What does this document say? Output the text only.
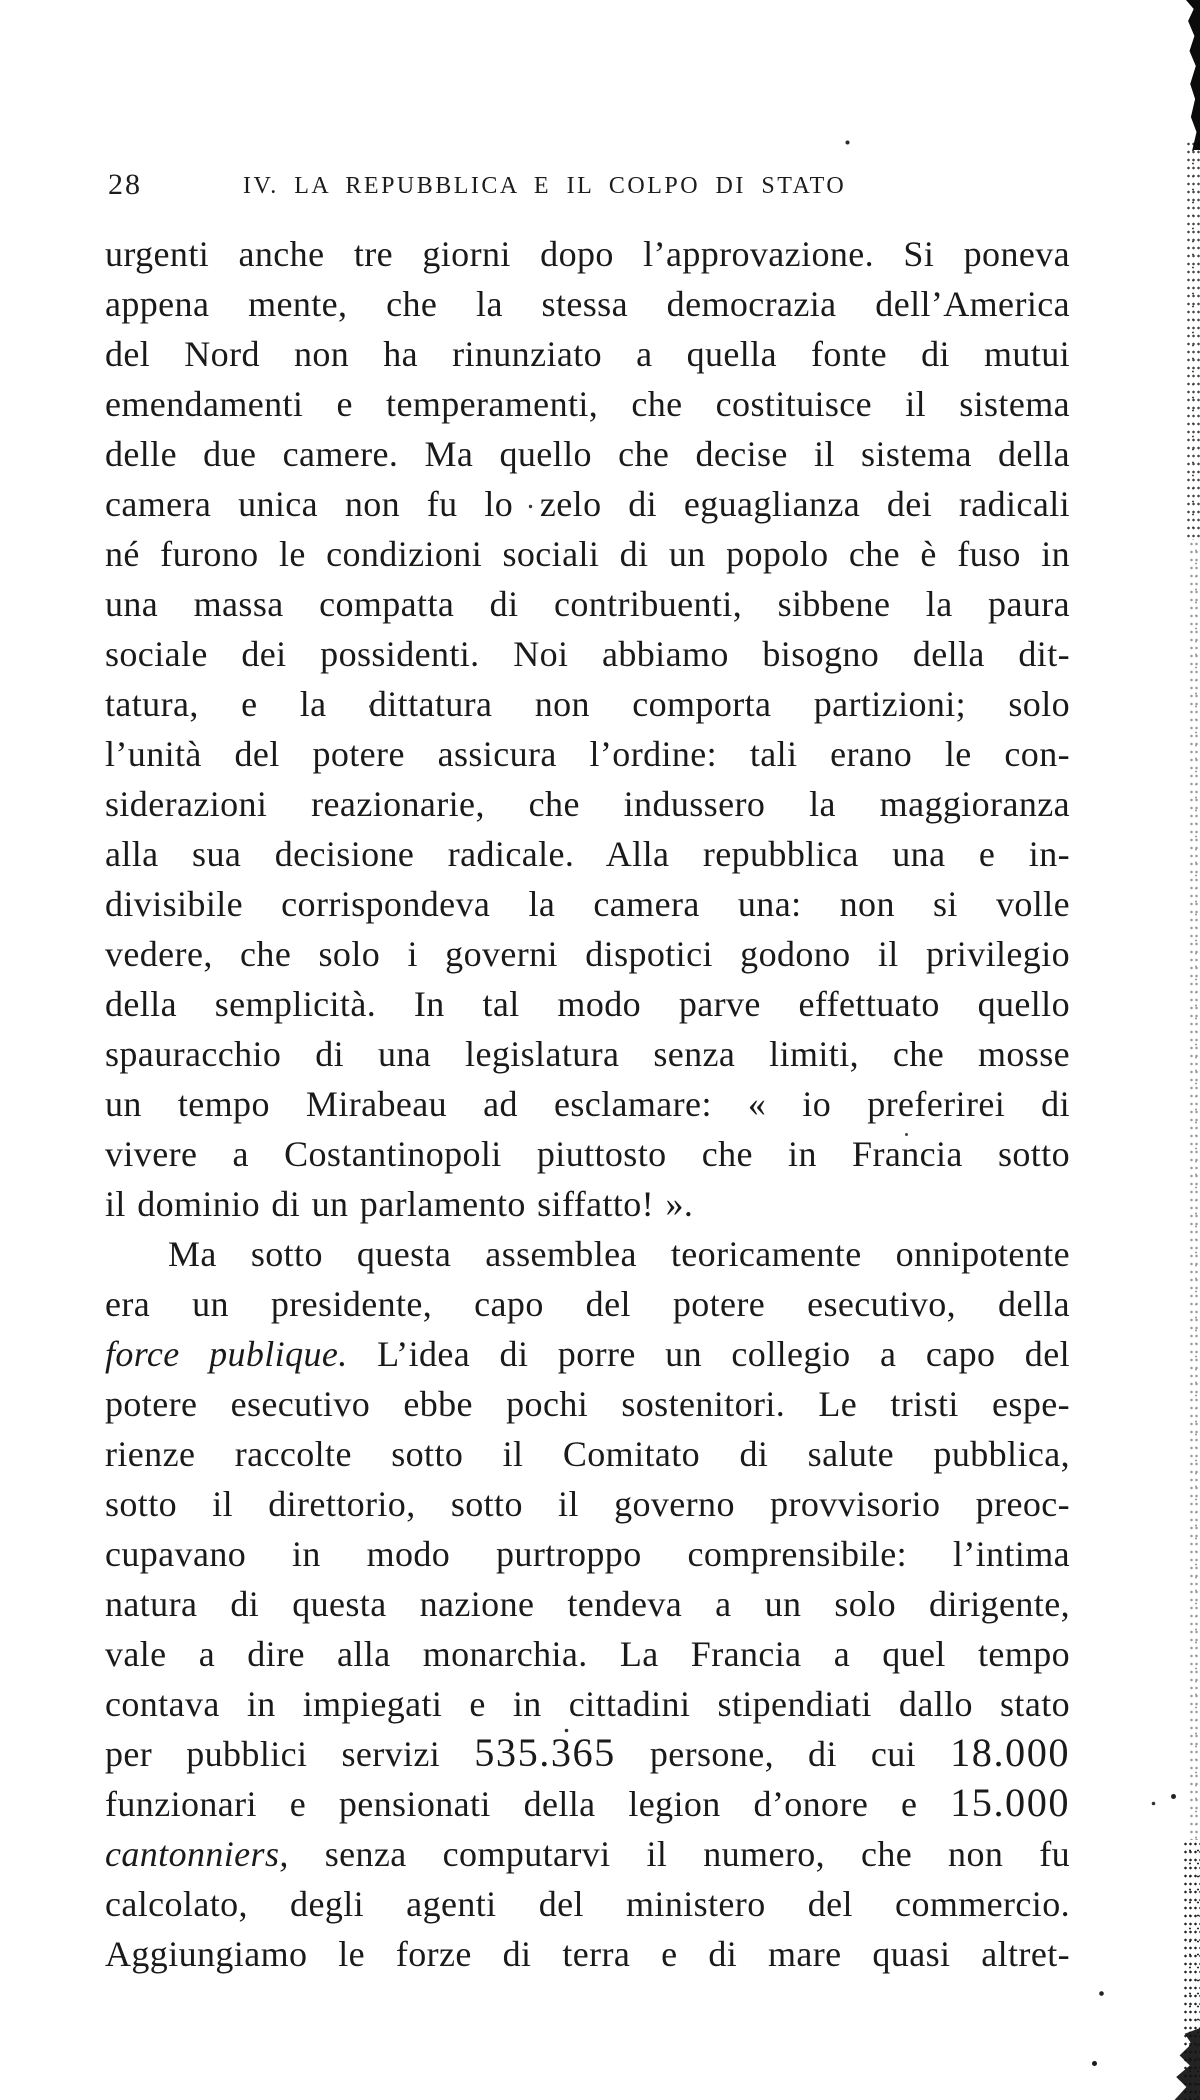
28	IV. LA REPUBBLICA E IL COLPO DI STATO
urgenti anche tre giorni dopo l’approvazione. Si poneva
appena mente, che la stessa democrazia dell’America
del Nord non ha rinunziato a quella fonte di mutui
emendamenti e temperamenti, che costituisce il sistema
delle due camere. Ma quello che decise il sistema della
camera unica non fu lo zelo di eguaglianza dei radicali
né furono le condizioni sociali di un popolo che è fuso in
una massa compatta di contribuenti, sibbene la paura
sociale dei possidenti. Noi abbiamo bisogno della dit-
tatura, e la dittatura non comporta partizioni; solo
l’unità del potere assicura l’ordine: tali erano le con-
siderazioni reazionarie, che indussero la maggioranza
alla sua decisione radicale. Alla repubblica una e in-
divisibile corrispondeva la camera una: non si volle
vedere, che solo i governi dispotici godono il privilegio
della semplicità. In tal modo parve effettuato quello
spauracchio di una legislatura senza limiti, che mosse
un tempo Mirabeau ad esclamare: « io preferirei di
vivere a Costantinopoli piuttosto che in Francia sotto
il dominio di un parlamento siffatto! ».
Ma sotto questa assemblea teoricamente onnipotente
era un presidente, capo del potere esecutivo, della
force publique. L’idea di porre un collegio a capo del
potere esecutivo ebbe pochi sostenitori. Le tristi espe-
rienze raccolte sotto il Comitato di salute pubblica,
sotto il direttorio, sotto il governo provvisorio preoc-
cupavano in modo purtroppo comprensibile: l’intima
natura di questa nazione tendeva a un solo dirigente,
vale a dire alla monarchia. La Francia a quel tempo
contava in impiegati e in cittadini stipendiati dallo stato
per pubblici servizi 535.365 persone, di cui 18.000
funzionari e pensionati della legion d’onore e 15.000
cantonniers, senza computarvi il numero, che non fu
calcolato, degli agenti del ministero del commercio.
Aggiungiamo le forze di terra e di mare quasi altret-
